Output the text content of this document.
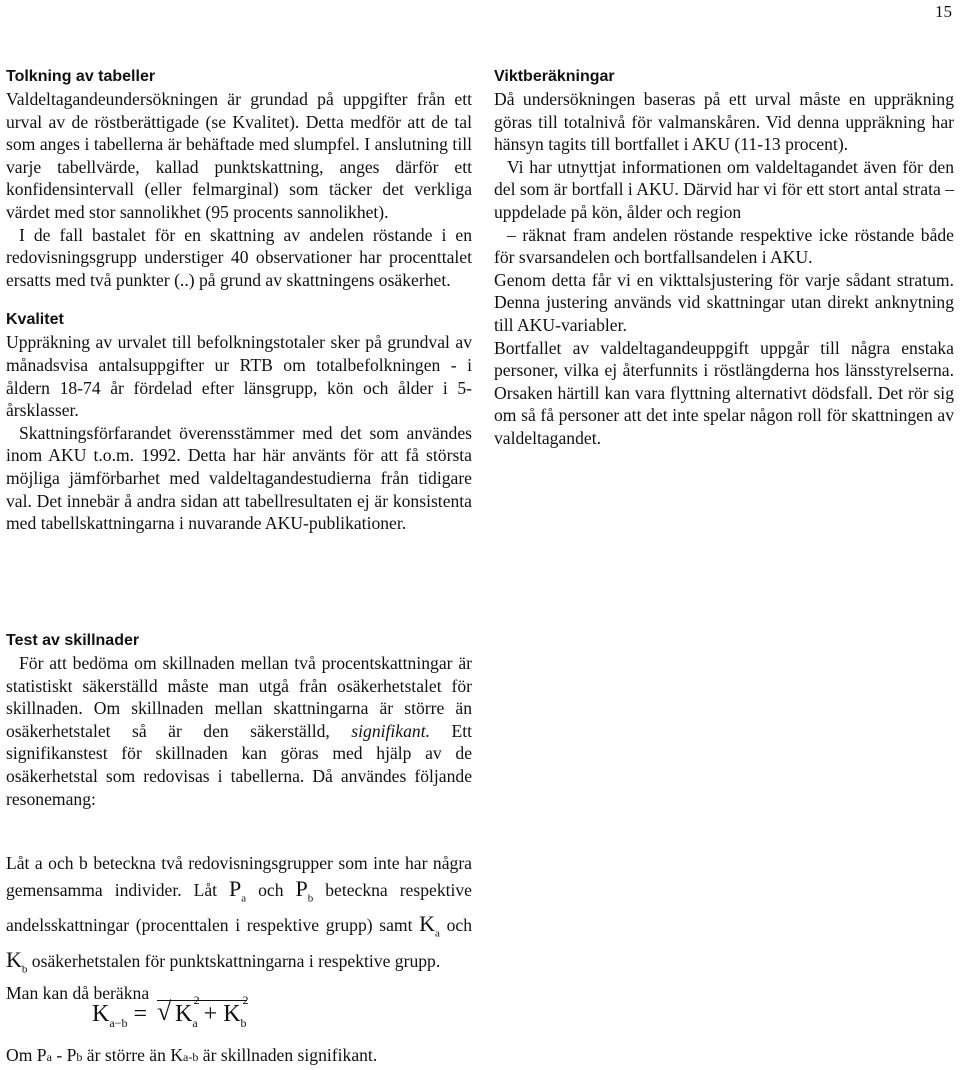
15
Tolkning av tabeller

Valdeltagandeundersökningen är grundad på uppgifter från ett urval av de röstberättigade (se Kvalitet). Detta medför att de tal som anges i tabellerna är behäftade med slumpfel. I anslutning till varje tabellvärde, kallad punktskattning, anges därför ett konfidensintervall (eller felmarginal) som täcker det verkliga värdet med stor sannolikhet (95 procents sannolikhet).

I de fall bastalet för en skattning av andelen röstande i en redovisningsgrupp understiger 40 observationer har procenttalet ersatts med två punkter (..) på grund av skattningens osäkerhet.

Kvalitet

Uppräkning av urvalet till befolkningstotaler sker på grundval av månadsvisa antalsuppgifter ur RTB om totalbefolkningen - i åldern 18-74 år fördelad efter länsgrupp, kön och ålder i 5-årsklasser.

Skattningsförfarandet överensstämmer med det som användes inom AKU t.o.m. 1992. Detta har här använts för att få största möjliga jämförbarhet med valdeltagandestudierna från tidigare val. Det innebär å andra sidan att tabellresultaten ej är konsistenta med tabellskattningarna i nuvarande AKU-publikationer.

Test av skillnader

För att bedöma om skillnaden mellan två procentskattningar är statistiskt säkerställd måste man utgå från osäkerhetstalet för skillnaden. Om skillnaden mellan skattningarna är större än osäkerhetstalet så är den säkerställd, signifikant. Ett signifikanstest för skillnaden kan göras med hjälp av de osäkerhetstal som redovisas i tabellerna. Då användes följande resonemang:

Låt a och b beteckna två redovisningsgrupper som inte har några gemensamma individer. Låt $P_a$ och $P_b$ beteckna respektive andelsskattningar (procenttalen i respektive grupp) samt $K_a$ och $K_b$ osäkerhetstalen för punktskattningarna i respektive grupp.

Man kan då beräkna

$K_{a-b}$ = √ K
2
$_a$ + K
2
$_b$
Om Pa - Pb är större än Ka-b är skillnaden signifikant.
Viktberäkningar

Då undersökningen baseras på ett urval måste en uppräkning göras till totalnivå för valmanskåren. Vid denna uppräkning har hänsyn tagits till bortfallet i AKU (11-13 procent).

Vi har utnyttjat informationen om valdeltagandet även för den del som är bortfall i AKU. Därvid har vi för ett stort antal strata – uppdelade på kön, ålder och region

– räknat fram andelen röstande respektive icke röstande både för svarsandelen och bortfallsandelen i AKU.

Genom detta får vi en vikttalsjustering för varje sådant stratum. Denna justering används vid skattningar utan direkt anknytning till AKU-variabler.

Bortfallet av valdeltagandeuppgift uppgår till några enstaka personer, vilka ej återfunnits i röstlängderna hos länsstyrelserna. Orsaken härtill kan vara flyttning alternativt dödsfall. Det rör sig om så få personer att det inte spelar någon roll för skattningen av valdeltagandet.
